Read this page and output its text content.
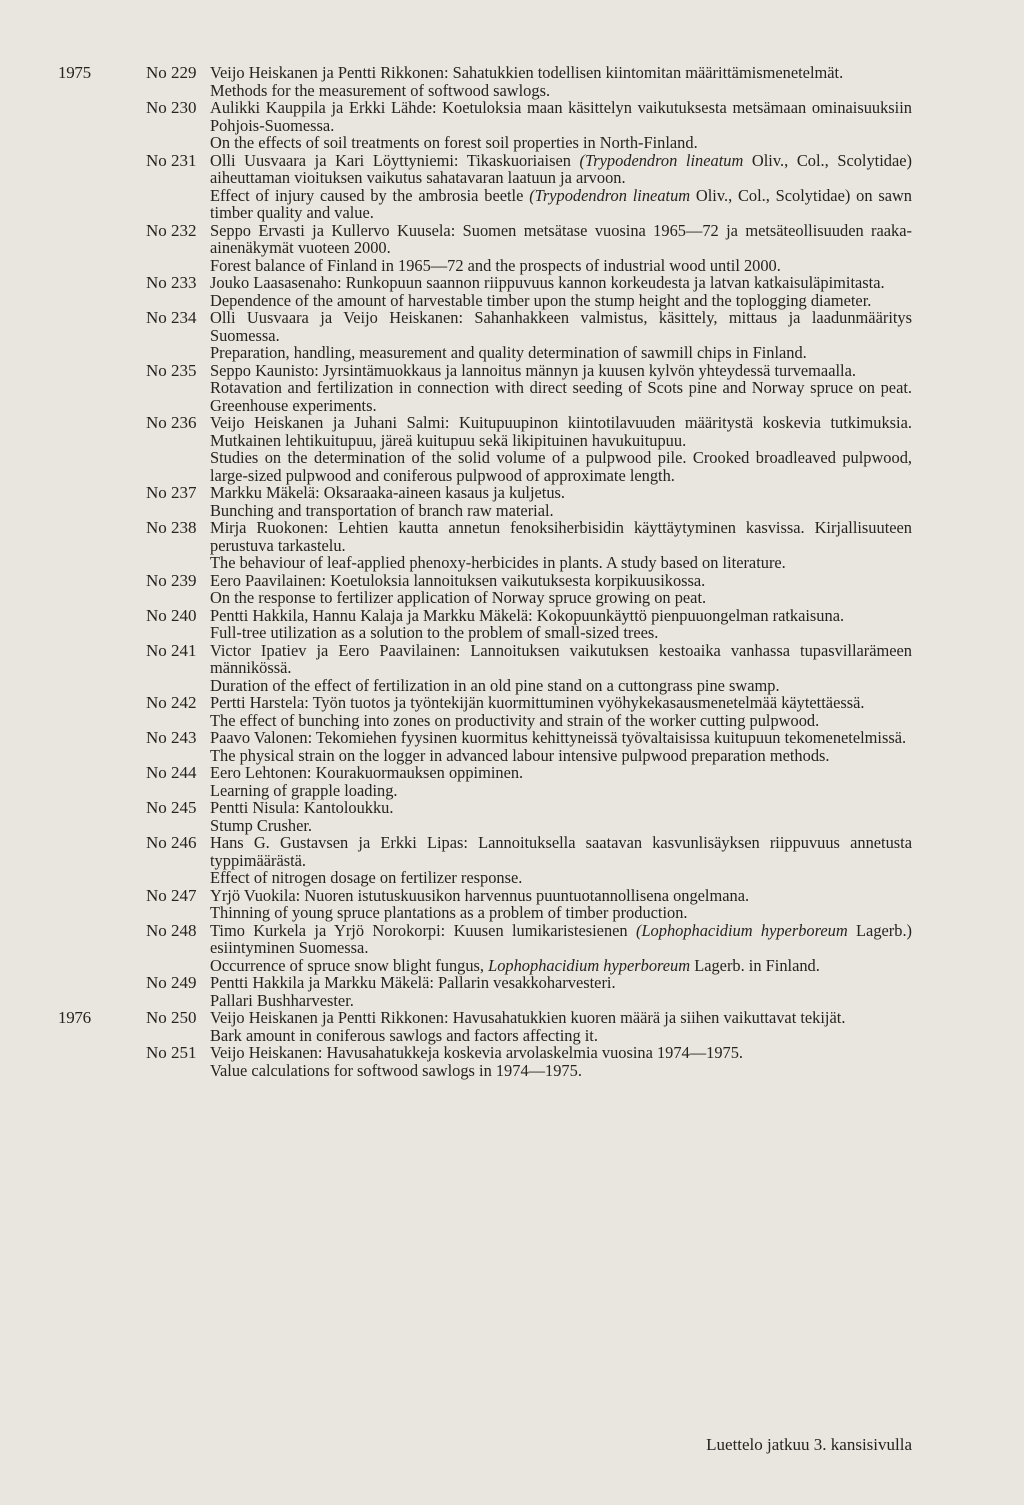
1975	No 229 Veijo Heiskanen ja Pentti Rikkonen: Sahatukkien todellisen kiintomitan määrittämismenetelmät.

Methods for the measurement of softwood sawlogs.

No 230 Aulikki Kauppila ja Erkki Lähde: Koetuloksia maan käsittelyn vaikutuksesta metsämaan ominaisuuksiin Pohjois-Suomessa.

On the effects of soil treatments on forest soil properties in North-Finland.

No 231 Olli Uusvaara ja Kari Löyttyniemi: Tikaskuoriaisen (Trypodendron lineatum Oliv., Col., Scolytidae) aiheuttaman vioituksen vaikutus sahatavaran laatuun ja arvoon.

Effect of injury caused by the ambrosia beetle (Trypodendron lineatum Oliv., Col., Scolytidae) on sawn timber quality and value.

No 232 Seppo Ervasti ja Kullervo Kuusela: Suomen metsätase vuosina 1965—72 ja metsäteollisuuden raaka-ainenäkymät vuoteen 2000.

Forest balance of Finland in 1965—72 and the prospects of industrial wood until 2000.

No 233 Jouko Laasasenaho: Runkopuun saannon riippuvuus kannon korkeudesta ja latvan katkaisuläpimitasta.

Dependence of the amount of harvestable timber upon the stump height and the toplogging diameter.

No 234 Olli Uusvaara ja Veijo Heiskanen: Sahanhakkeen valmistus, käsittely, mittaus ja laadunmääritys Suomessa.

Preparation, handling, measurement and quality determination of sawmill chips in Finland.

No 235 Seppo Kaunisto: Jyrsintämuokkaus ja lannoitus männyn ja kuusen kylvön yhteydessä turvemaalla.

Rotavation and fertilization in connection with direct seeding of Scots pine and Norway spruce on peat. Greenhouse experiments.

No 236 Veijo Heiskanen ja Juhani Salmi: Kuitupuupinon kiintotilavuuden määritystä koskevia tutkimuksia. Mutkainen lehtikuitupuu, järeä kuitupuu sekä likipituinen havukuitupuu.

Studies on the determination of the solid volume of a pulpwood pile. Crooked broadleaved pulpwood, large-sized pulpwood and coniferous pulpwood of approximate length.

No 237 Markku Mäkelä: Oksaraaka-aineen kasaus ja kuljetus.

Bunching and transportation of branch raw material.

No 238 Mirja Ruokonen: Lehtien kautta annetun fenoksiherbisidin käyttäytyminen kasvissa. Kirjallisuuteen perustuva tarkastelu.

The behaviour of leaf-applied phenoxy-herbicides in plants. A study based on literature.

No 239 Eero Paavilainen: Koetuloksia lannoituksen vaikutuksesta korpikuusikossa.

On the response to fertilizer application of Norway spruce growing on peat.

No 240 Pentti Hakkila, Hannu Kalaja ja Markku Mäkelä: Kokopuunkäyttö pienpuuongelman ratkaisuna.

Full-tree utilization as a solution to the problem of small-sized trees.

No 241 Victor Ipatiev ja Eero Paavilainen: Lannoituksen vaikutuksen kestoaika vanhassa tupasvillarämeen männikössä.

Duration of the effect of fertilization in an old pine stand on a cuttongrass pine swamp.

No 242 Pertti Harstela: Työn tuotos ja työntekijän kuormittuminen vyöhykekasausmenetelmää käytettäessä.

The effect of bunching into zones on productivity and strain of the worker cutting pulpwood.

No 243 Paavo Valonen: Tekomiehen fyysinen kuormitus kehittyneissä työvaltaisissa kuitupuun tekomenetelmissä.

The physical strain on the logger in advanced labour intensive pulpwood preparation methods.

No 244 Eero Lehtonen: Kourakuormauksen oppiminen.

Learning of grapple loading.

No 245 Pentti Nisula: Kantoloukku.

Stump Crusher.

No 246 Hans G. Gustavsen ja Erkki Lipas: Lannoituksella saatavan kasvunlisäyksen riippuvuus annetusta typpimäärästä.

Effect of nitrogen dosage on fertilizer response.

No 247 Yrjö Vuokila: Nuoren istutuskuusikon harvennus puuntuotannollisena ongelmana.

Thinning of young spruce plantations as a problem of timber production.

No 248 Timo Kurkela ja Yrjö Norokorpi: Kuusen lumikaristesienen (Lophophacidium hyperboreum Lagerb.) esiintyminen Suomessa.

Occurrence of spruce snow blight fungus, Lophophacidium hyperboreum Lagerb. in Finland.

No 249 Pentti Hakkila ja Markku Mäkelä: Pallarin vesakkoharvesteri.

Pallari Bushharvester.

1976	No 250 Veijo Heiskanen ja Pentti Rikkonen: Havusahatukkien kuoren määrä ja siihen vaikuttavat tekijät.

Bark amount in coniferous sawlogs and factors affecting it.

No 251 Veijo Heiskanen: Havusahatukkeja koskevia arvolaskelmia vuosina 1974—1975.

Value calculations for softwood sawlogs in 1974—1975.

Luettelo jatkuu 3. kansisivulla
